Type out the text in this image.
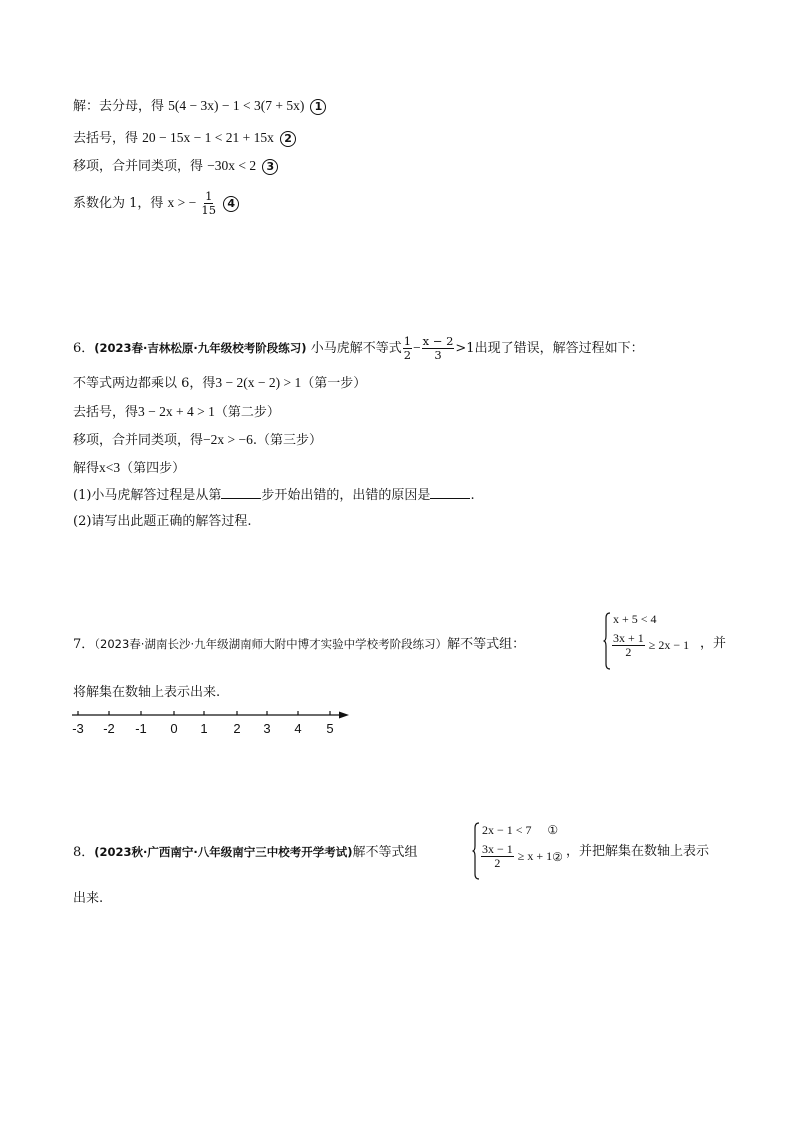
解：去分母，得 5(4 − 3x) − 1 < 3(7 + 5x) 1
去括号，得 20 − 15x − 1 < 21 + 15x 2
移项，合并同类项，得 −30x < 2 3
系数化为 1，得 x > − $\frac{1}{15} 4$
6．(2023春·吉林松原·九年级校考阶段练习) 小马虎解不等式 $\frac{1}{2} - \frac{x - 2}{3} >1$出现了错误，解答过程如下：
不等式两边都乘以 6，得3 − 2(x − 2) > 1（第一步）
去括号，得3 − 2x + 4 > 1（第二步）
移项，合并同类项，得−2x > −6.（第三步）
解得x<3（第四步）
(1)小马虎解答过程是从第	步开始出错的，出错的原因是	.
(2)请写出此题正确的解答过程.
7．（2023春·湖南长沙·九年级湖南师大附中博才实验中学校考阶段练习）解不等式组：
x + 5 < 4
$\frac{3x + 1}{2} \ge 2x - 1$ ，并
将解集在数轴上表示出来.
-3 -2 -1 0 1 2 3 4 5
8．(2023秋·广西南宁·八年级南宁三中校考开学考试)解不等式组
2x − 1 < 7 ①
$\frac{3x - 1}{2} \ge x + 1$ ② ，并把解集在数轴上表示
出来.
